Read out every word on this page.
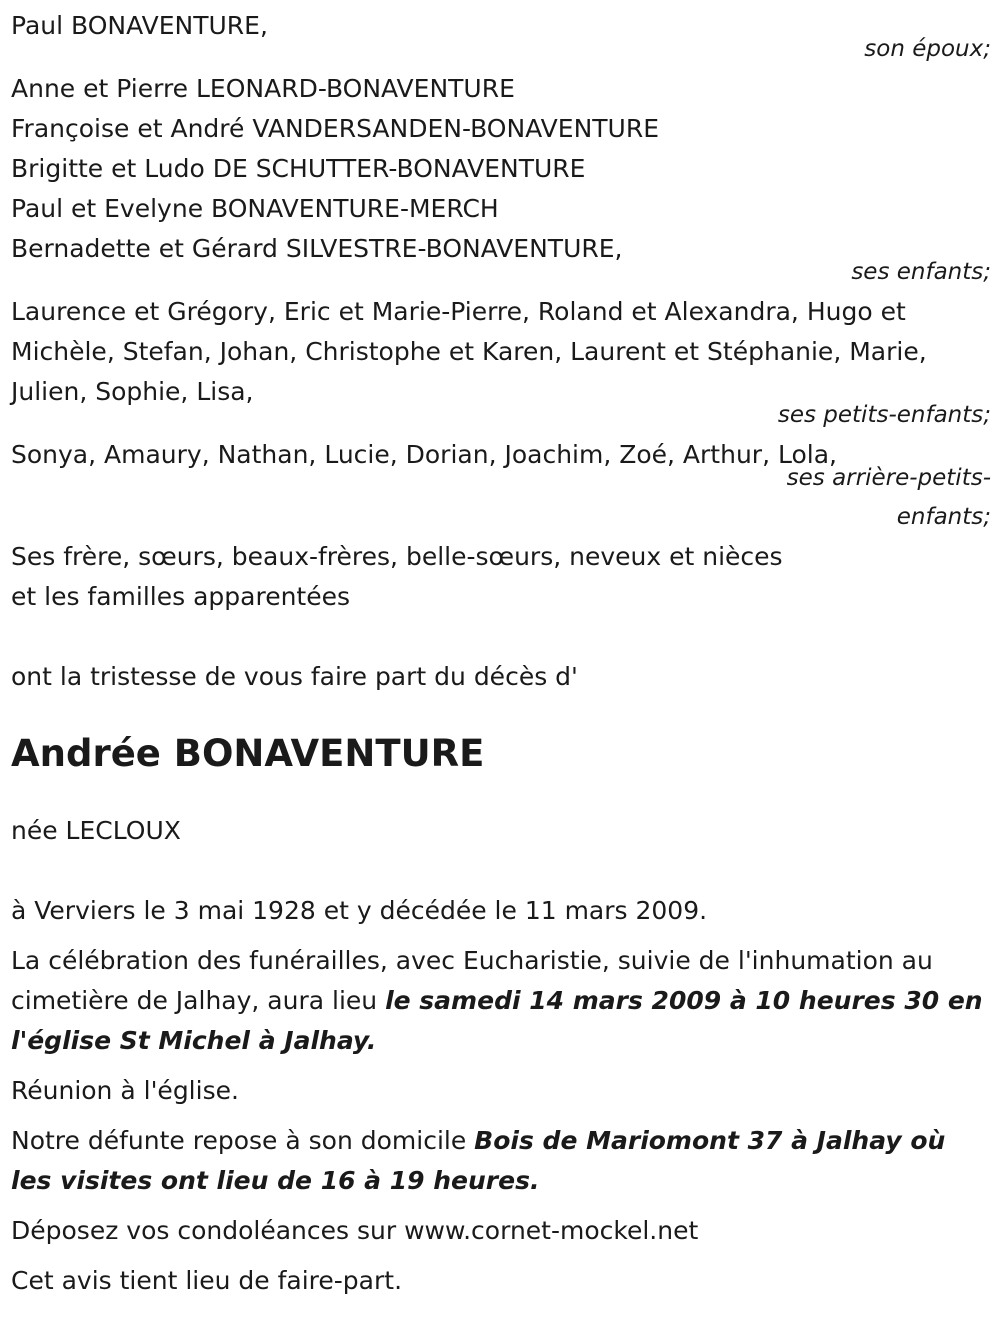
Paul BONAVENTURE,
son époux;
Anne et Pierre LEONARD-BONAVENTURE
Françoise et André VANDERSANDEN-BONAVENTURE
Brigitte et Ludo DE SCHUTTER-BONAVENTURE
Paul et Evelyne BONAVENTURE-MERCH
Bernadette et Gérard SILVESTRE-BONAVENTURE,
ses enfants;
Laurence et Grégory, Eric et Marie-Pierre, Roland et Alexandra, Hugo et
Michèle, Stefan, Johan, Christophe et Karen, Laurent et Stéphanie, Marie,
Julien, Sophie, Lisa,
ses petits-enfants;
Sonya, Amaury, Nathan, Lucie, Dorian, Joachim, Zoé, Arthur, Lola,
ses arrière-petits-
enfants;
Ses frère, sœurs, beaux-frères, belle-sœurs, neveux et nièces
et les familles apparentées
ont la tristesse de vous faire part du décès d'
Andrée BONAVENTURE
née LECLOUX
à Verviers le 3 mai 1928 et y décédée le 11 mars 2009.
La célébration des funérailles, avec Eucharistie, suivie de l'inhumation au
cimetière de Jalhay, aura lieu le samedi 14 mars 2009 à 10 heures 30 en
l'église St Michel à Jalhay.
Réunion à l'église.
Notre défunte repose à son domicile Bois de Mariomont 37 à Jalhay où
les visites ont lieu de 16 à 19 heures.
Déposez vos condoléances sur www.cornet-mockel.net
Cet avis tient lieu de faire-part.
